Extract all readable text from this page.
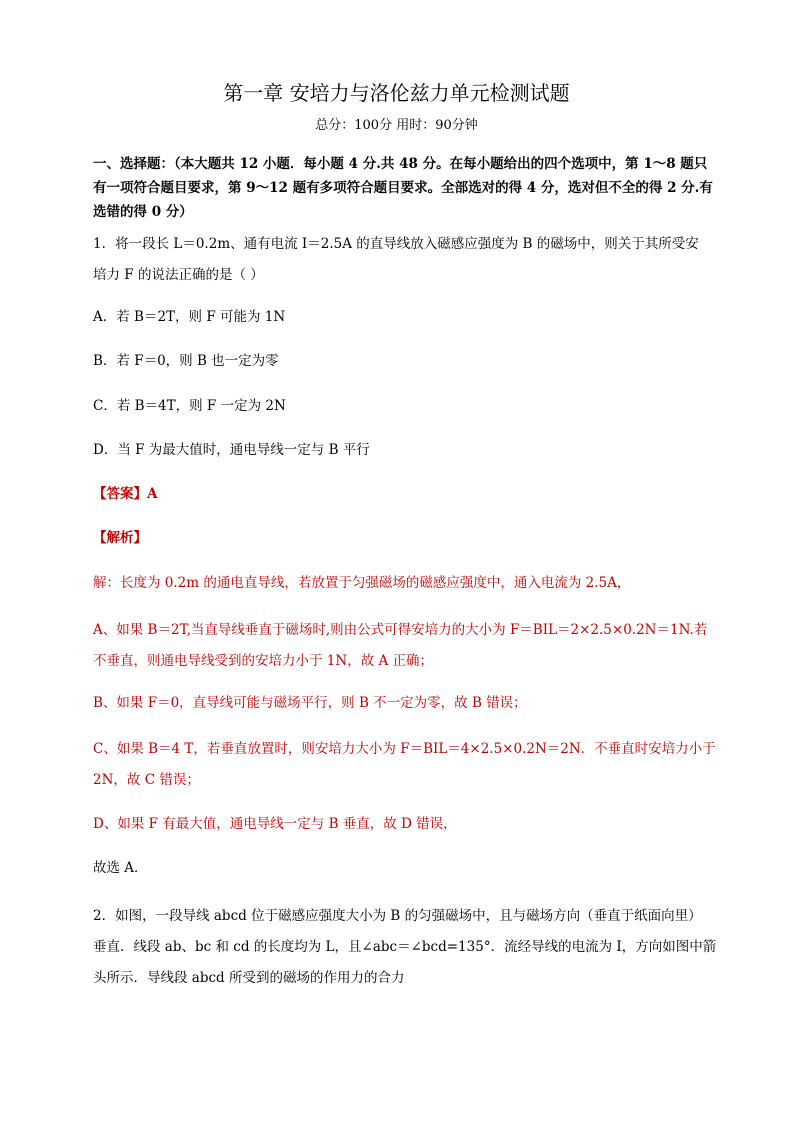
第一章 安培力与洛伦兹力单元检测试题
总分：100分 用时：90分钟
一、选择题：（本大题共 12 小题．每小题 4 分.共 48 分。在每小题给出的四个选项中，第 1～8 题只
有一项符合题目要求，第 9～12 题有多项符合题目要求。全部选对的得 4 分，选对但不全的得 2 分.有
选错的得 0 分）
1．将一段长 L＝0.2m、通有电流 I＝2.5A 的直导线放入磁感应强度为 B 的磁场中，则关于其所受安
培力 F 的说法正确的是（ ）
A．若 B＝2T，则 F 可能为 1N
B．若 F＝0，则 B 也一定为零
C．若 B＝4T，则 F 一定为 2N
D．当 F 为最大值时，通电导线一定与 B 平行
【答案】A
【解析】
解：长度为 0.2m 的通电直导线，若放置于匀强磁场的磁感应强度中，通入电流为 2.5A，
A、如果 B＝2T,当直导线垂直于磁场时,则由公式可得安培力的大小为 F＝BIL＝2×2.5×0.2N＝1N.若
不垂直，则通电导线受到的安培力小于 1N，故 A 正确；
B、如果 F＝0，直导线可能与磁场平行，则 B 不一定为零，故 B 错误；
C、如果 B＝4 T，若垂直放置时，则安培力大小为 F＝BIL＝4×2.5×0.2N＝2N．不垂直时安培力小于
2N，故 C 错误；
D、如果 F 有最大值，通电导线一定与 B 垂直，故 D 错误，
故选 A．
2．如图，一段导线 abcd 位于磁感应强度大小为 B 的匀强磁场中，且与磁场方向（垂直于纸面向里）
垂直．线段 ab、bc 和 cd 的长度均为 L，且∠abc＝∠bcd=135°．流经导线的电流为 I，方向如图中箭
头所示．导线段 abcd 所受到的磁场的作用力的合力
